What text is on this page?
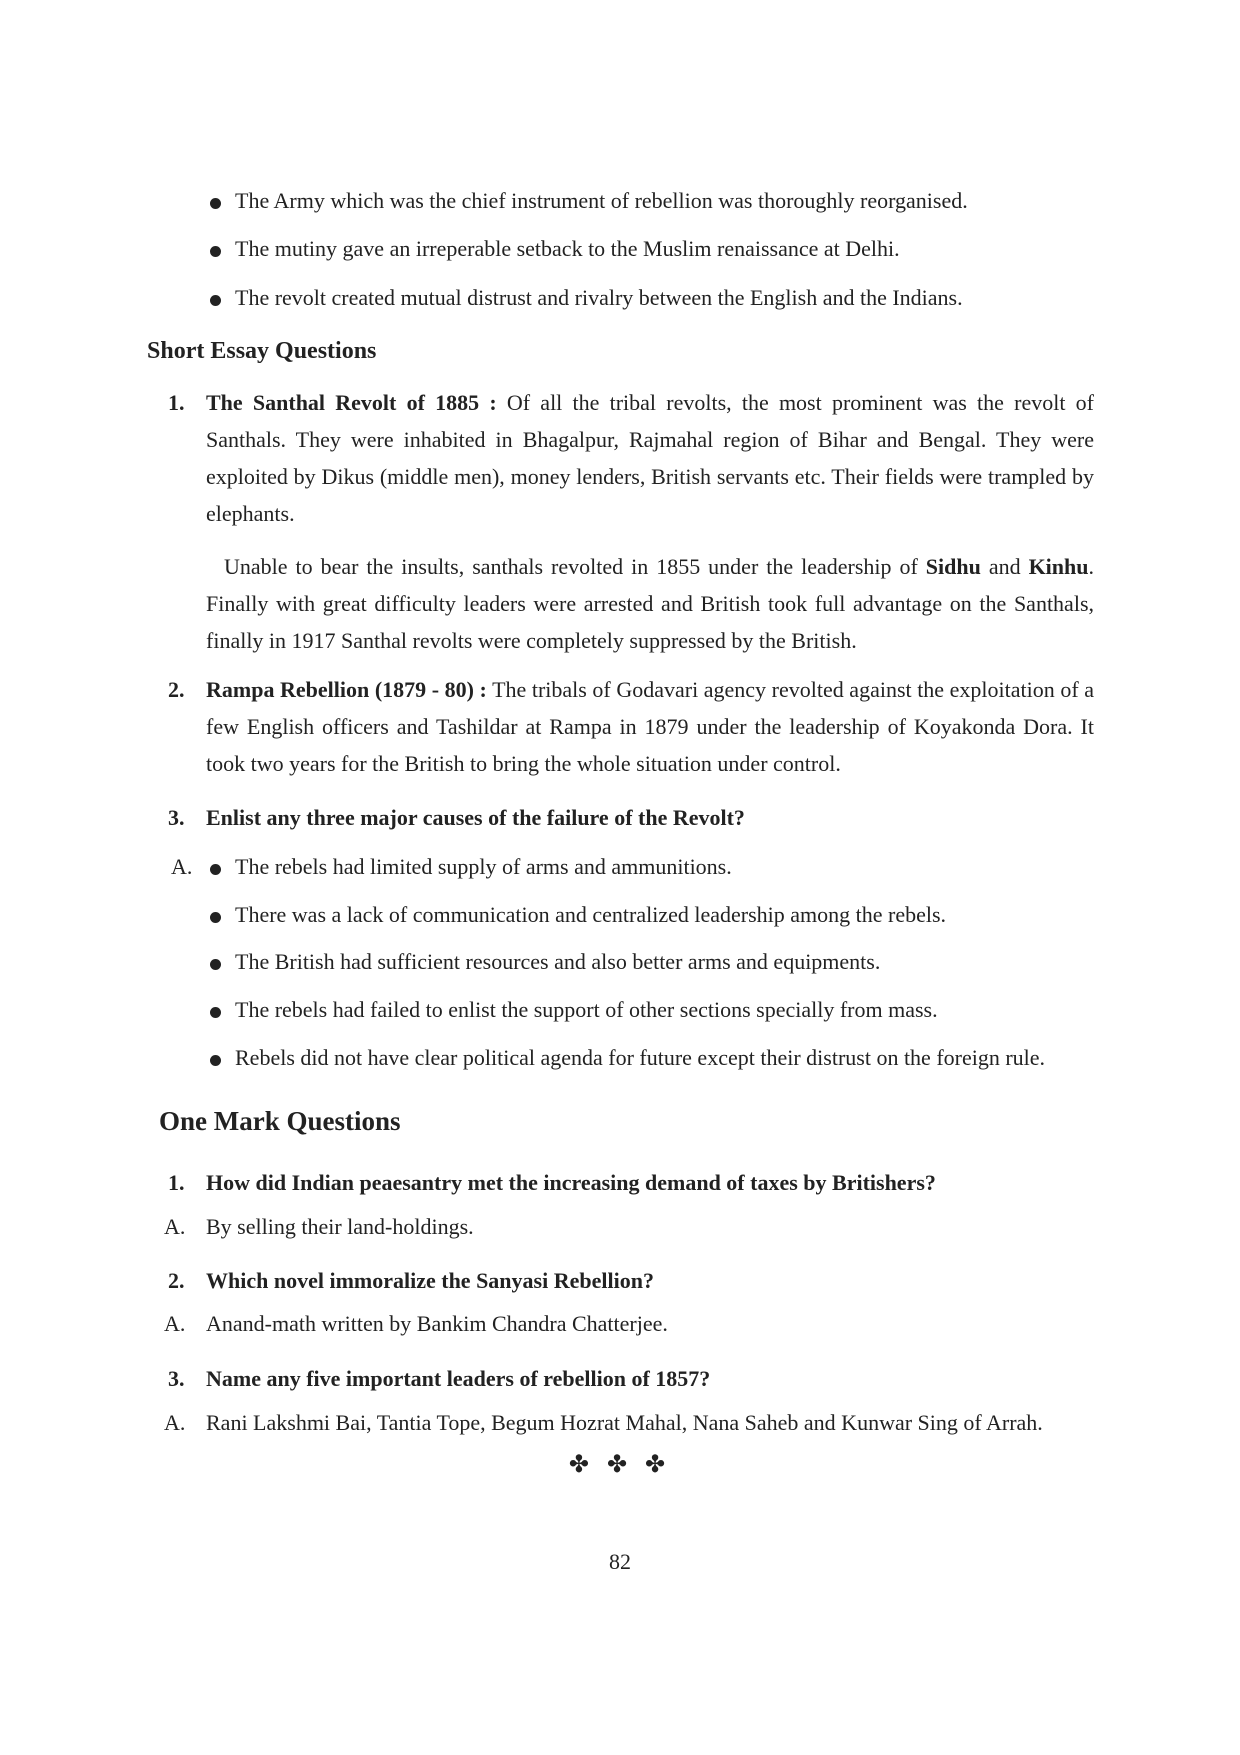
The Army which was the chief instrument of rebellion was thoroughly reorganised.
The mutiny gave an irreperable setback to the Muslim renaissance at Delhi.
The revolt created mutual distrust and rivalry between the English and the Indians.
Short Essay Questions
1. The Santhal Revolt of 1885 : Of all the tribal revolts, the most prominent was the revolt of Santhals. They were inhabited in Bhagalpur, Rajmahal region of Bihar and Bengal. They were exploited by Dikus (middle men), money lenders, British servants etc. Their fields were trampled by elephants.
Unable to bear the insults, santhals revolted in 1855 under the leadership of Sidhu and Kinhu. Finally with great difficulty leaders were arrested and British took full advantage on the Santhals, finally in 1917 Santhal revolts were completely suppressed by the British.
2. Rampa Rebellion (1879 - 80) : The tribals of Godavari agency revolted against the exploitation of a few English officers and Tashildar at Rampa in 1879 under the leadership of Koyakonda Dora. It took two years for the British to bring the whole situation under control.
3. Enlist any three major causes of the failure of the Revolt?
A.	The rebels had limited supply of arms and ammunitions.
There was a lack of communication and centralized leadership among the rebels.
The British had sufficient resources and also better arms and equipments.
The rebels had failed to enlist the support of other sections specially from mass.
Rebels did not have clear political agenda for future except their distrust on the foreign rule.
One Mark Questions
1. How did Indian peaesantry met the increasing demand of taxes by Britishers?
A. By selling their land-holdings.
2. Which novel immoralize the Sanyasi Rebellion?
A. Anand-math written by Bankim Chandra Chatterjee.
3. Name any five important leaders of rebellion of 1857?
A. Rani Lakshmi Bai, Tantia Tope, Begum Hozrat Mahal, Nana Saheb and Kunwar Sing of Arrah.
✤ ✤ ✤
82
